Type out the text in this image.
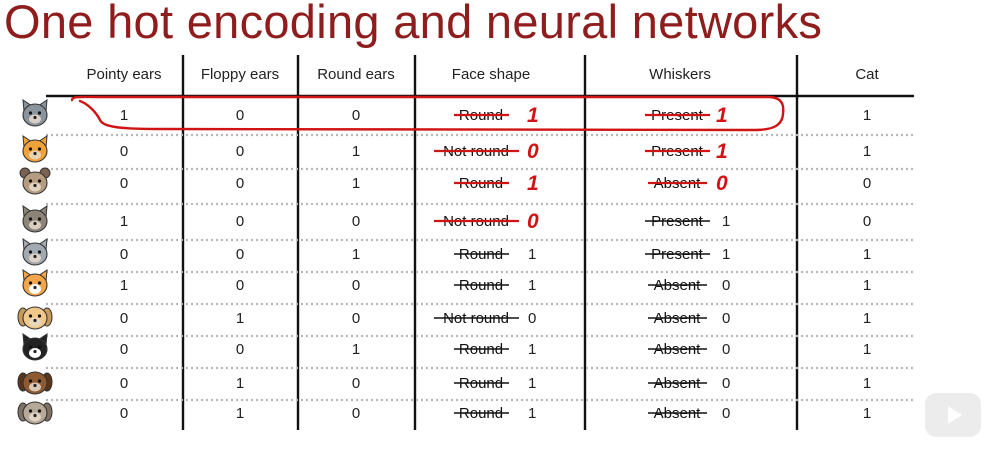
One hot encoding and neural networks
Pointy ears	Floppy ears	Round ears	Face shape	Whiskers	Cat
1	0	0	Round 1	Present 1	1
0	0	1	Not round 0	Present 1	1
0	0	1	Round 1	Absent 0	0
1	0	0	Not round 0	Present 1	0
0	0	1	Round 1	Present 1	1
1	0	0	Round 1	Absent 0	1
0	1	0	Not round 0	Absent 0	1
0	0	1	Round 1	Absent 0	1
0	1	0	Round 1	Absent 0	1
0	1	0	Round 1	Absent 0	1
